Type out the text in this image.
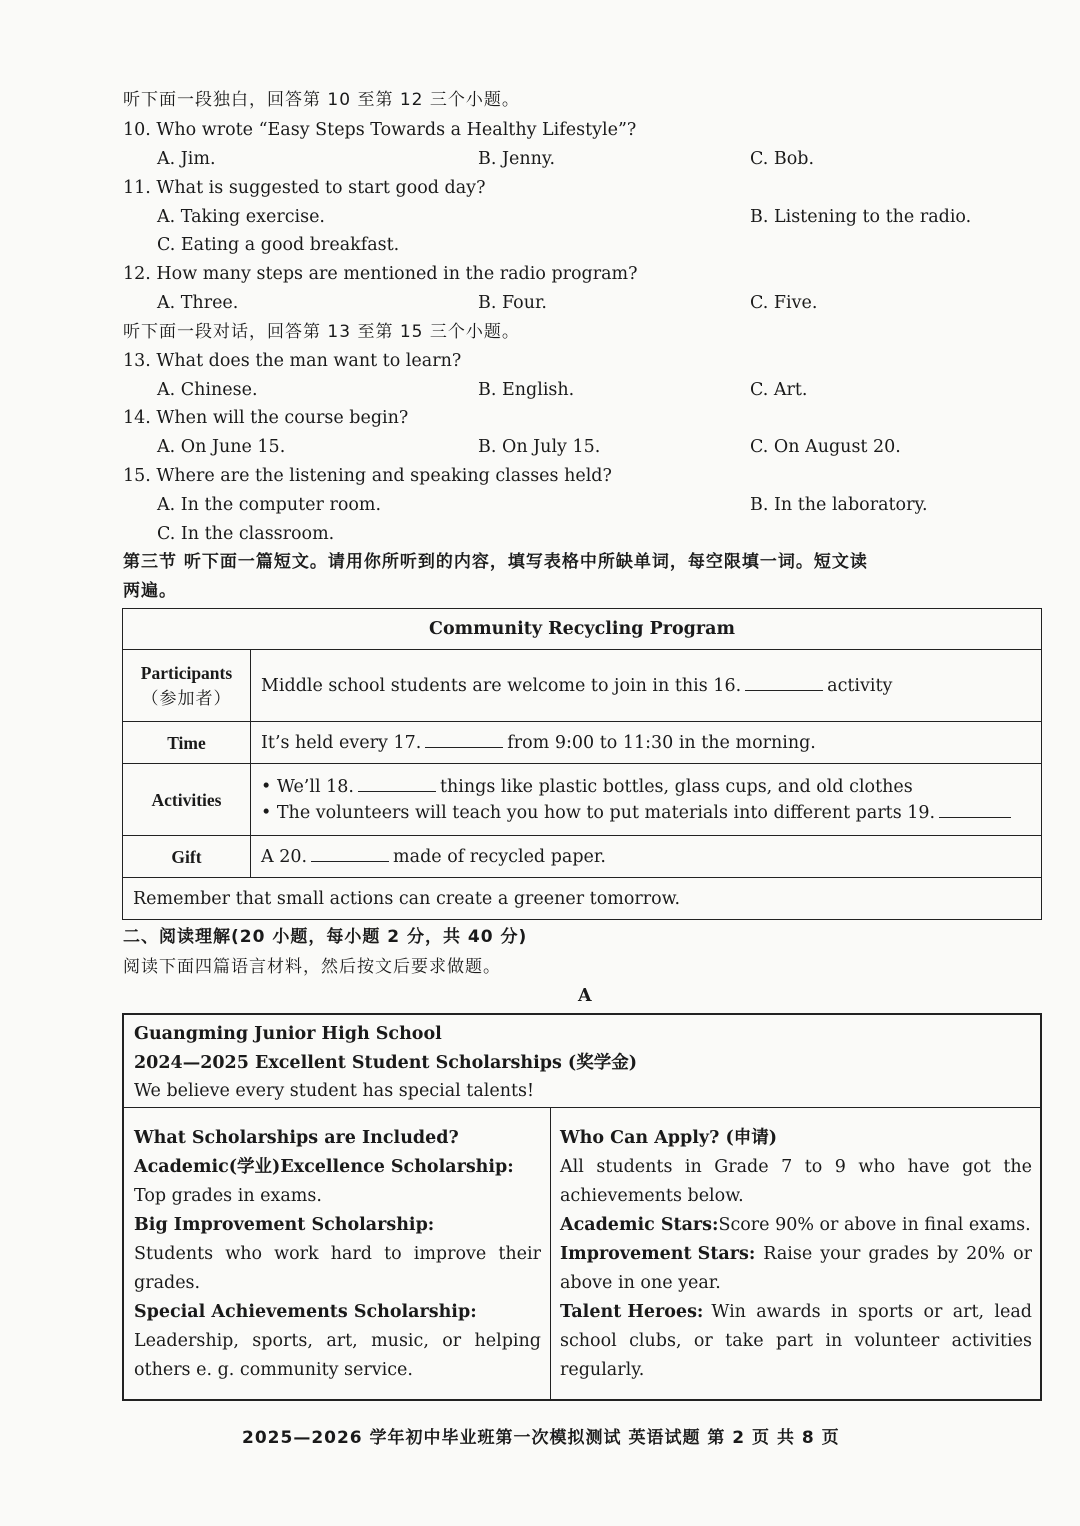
听下面一段独白，回答第 10 至第 12 三个小题。
10. Who wrote “Easy Steps Towards a Healthy Lifestyle”?
A. Jim.	B. Jenny.	C. Bob.
11. What is suggested to start good day?
A. Taking exercise.	B. Listening to the radio.
C. Eating a good breakfast.
12. How many steps are mentioned in the radio program?
A. Three.	B. Four.	C. Five.
听下面一段对话，回答第 13 至第 15 三个小题。
13. What does the man want to learn?
A. Chinese.	B. English.	C. Art.
14. When will the course begin?
A. On June 15.	B. On July 15.	C. On August 20.
15. Where are the listening and speaking classes held?
A. In the computer room.	B. In the laboratory.
C. In the classroom.
第三节 听下面一篇短文。请用你所听到的内容，填写表格中所缺单词，每空限填一词。短文读
两遍。
Community Recycling Program	

Participants
（参加者）	Middle school students are welcome to join in this 16. activity
Time	It’s held every 17. from 9:00 to 11:30 in the morning.
Activities	• We’ll 18. things like plastic bottles, glass cups, and old clothes
• The volunteers will teach you how to put materials into different parts 19.

Gift	A 20. made of recycled paper.
Remember that small actions can create a greener tomorrow.	
二、阅读理解(20 小题，每小题 2 分，共 40 分)
阅读下面四篇语言材料，然后按文后要求做题。
A
Guangming Junior High School
2024—2025 Excellent Student Scholarships (奖学金)
We believe every student has special talents!
What Scholarships are Included?
Academic(学业)Excellence Scholarship:
Top grades in exams.
Big Improvement Scholarship:
Students who work hard to improve their
grades.
Special Achievements Scholarship:
Leadership, sports, art, music, or helping
others e. g. community service.
Who Can Apply? (申请)
All students in Grade 7 to 9 who have got the
achievements below.
Academic Stars:Score 90% or above in final exams.
Improvement Stars: Raise your grades by 20% or
above in one year.
Talent Heroes: Win awards in sports or art, lead
school clubs, or take part in volunteer activities
regularly.
2025—2026 学年初中毕业班第一次模拟测试 英语试题 第 2 页 共 8 页
